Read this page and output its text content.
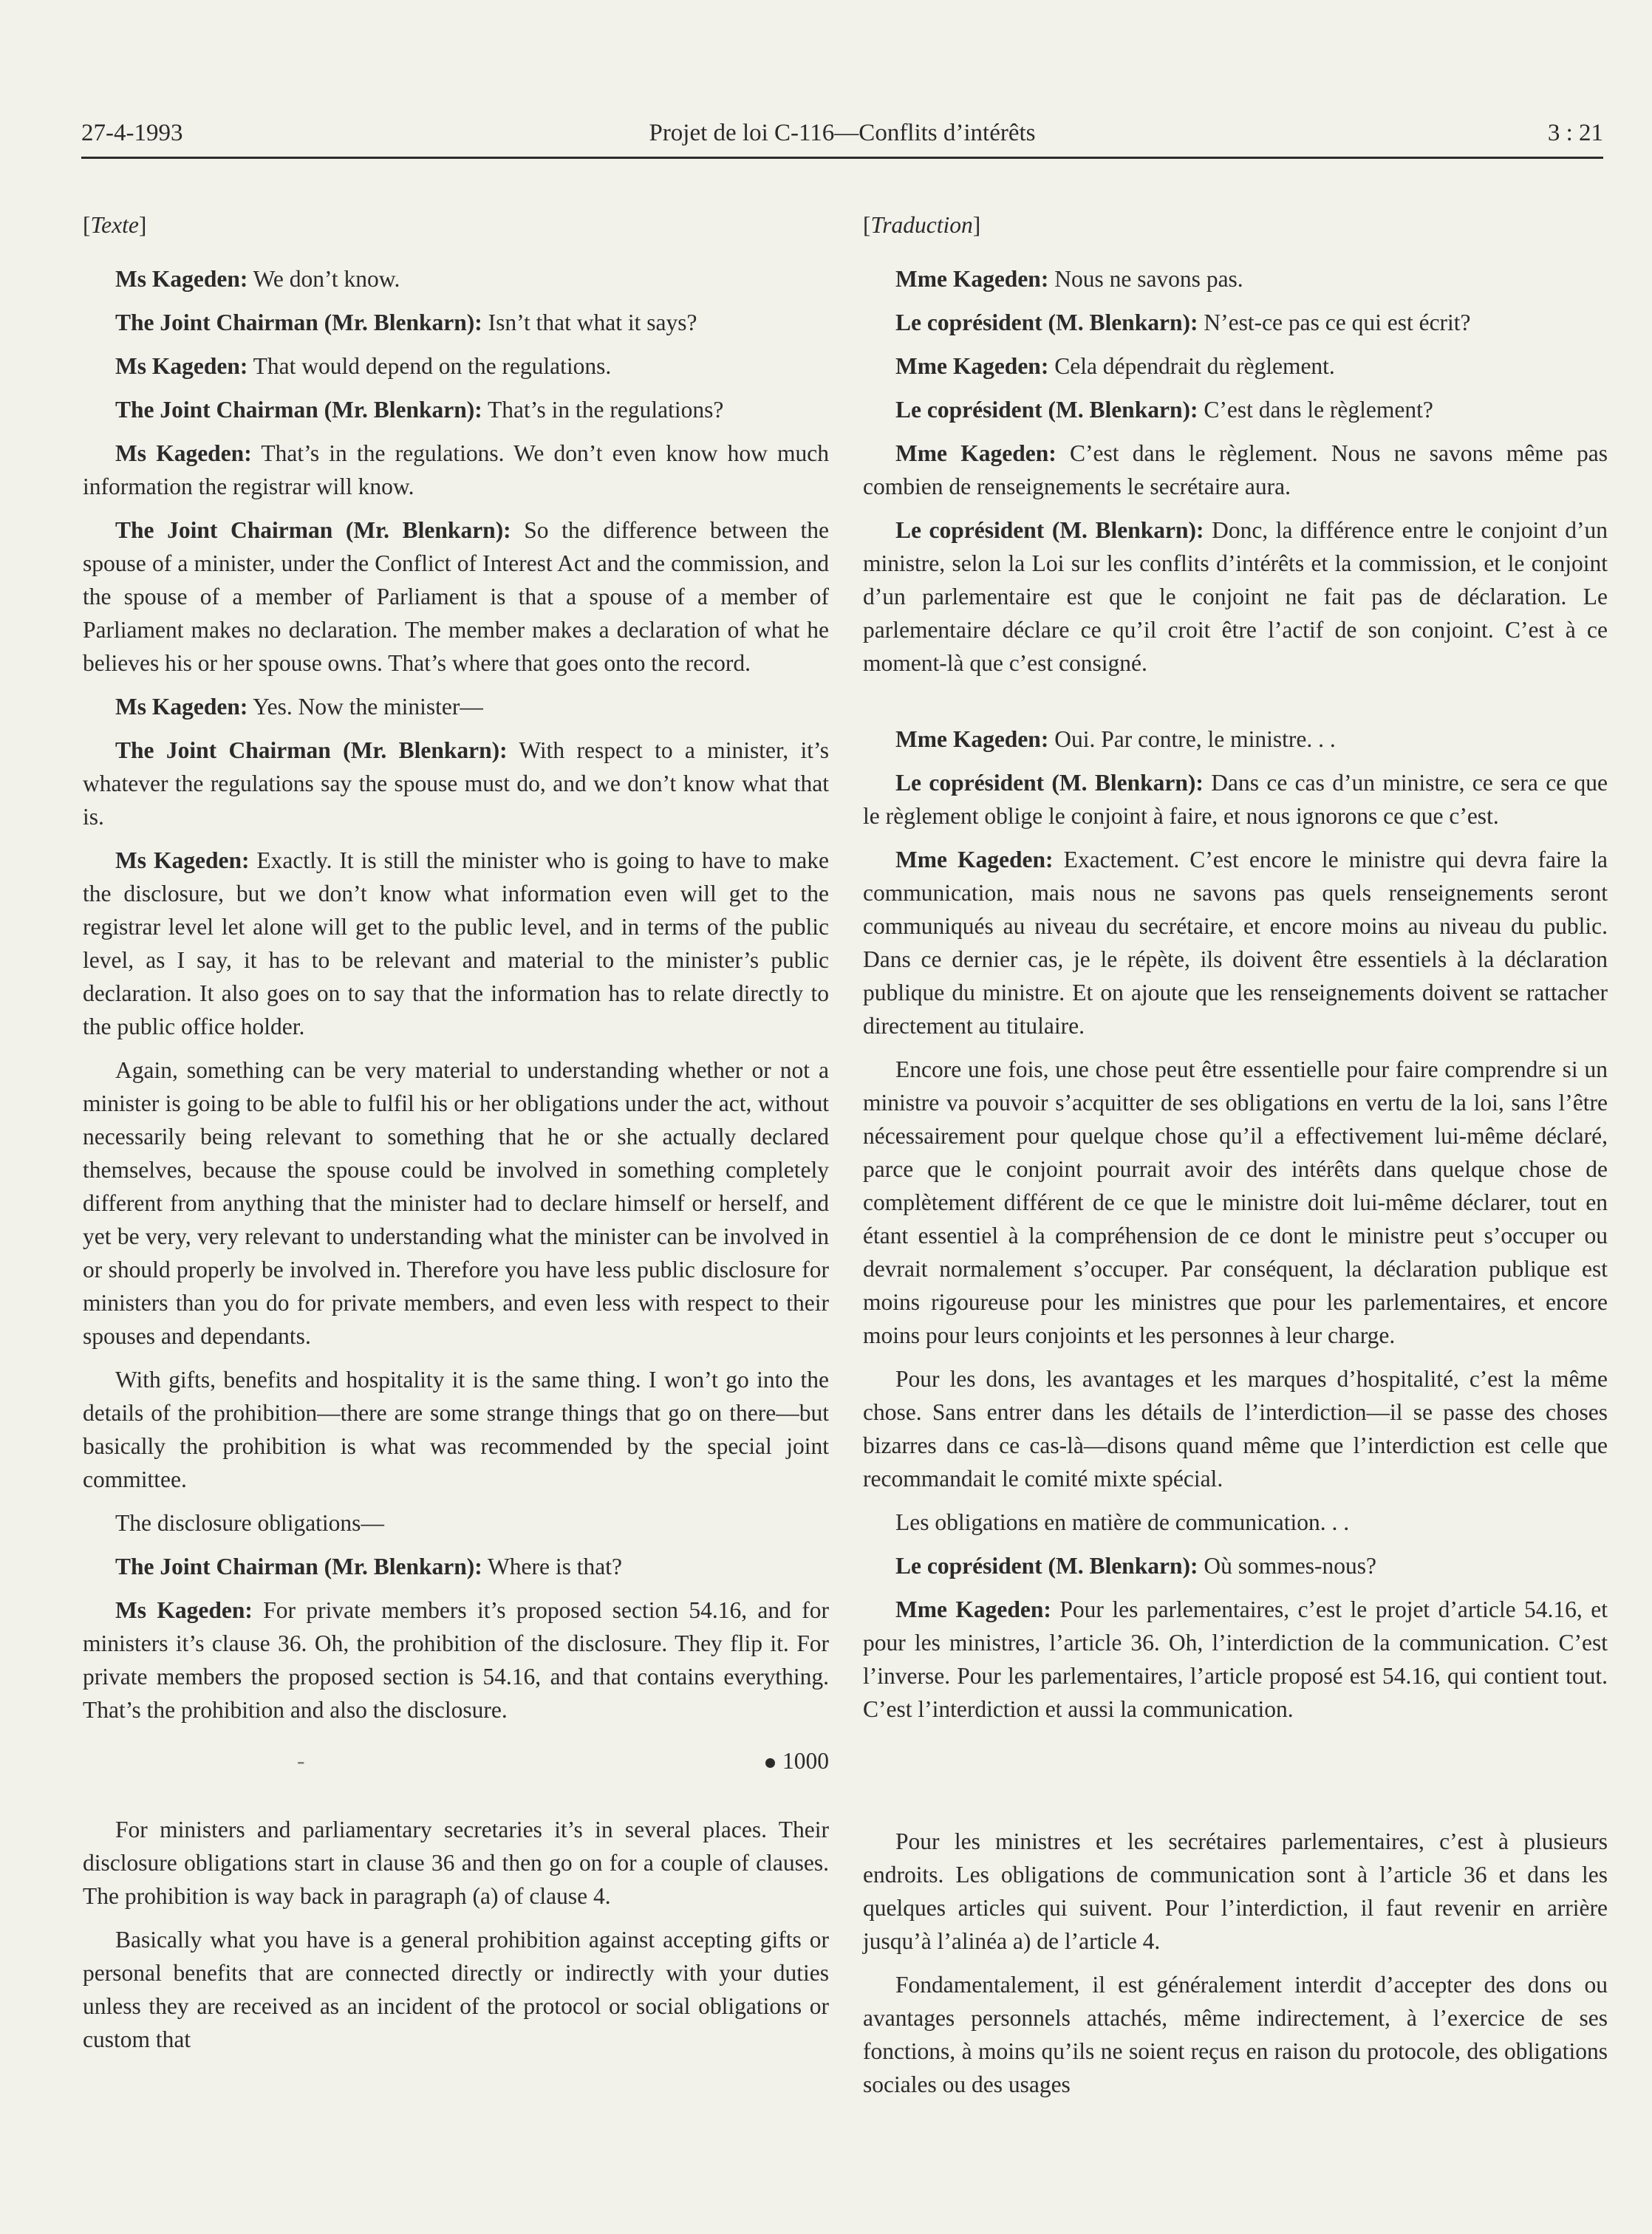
27-4-1993	Projet de loi C-116—Conflits d’intérêts	3 : 21
[Texte]

Ms Kageden: We don’t know.

The Joint Chairman (Mr. Blenkarn): Isn’t that what it says?

Ms Kageden: That would depend on the regulations.

The Joint Chairman (Mr. Blenkarn): That’s in the regulations?

Ms Kageden: That’s in the regulations. We don’t even know how much information the registrar will know.

The Joint Chairman (Mr. Blenkarn): So the difference between the spouse of a minister, under the Conflict of Interest Act and the commission, and the spouse of a member of Parliament is that a spouse of a member of Parliament makes no declaration. The member makes a declaration of what he believes his or her spouse owns. That’s where that goes onto the record.

Ms Kageden: Yes. Now the minister—

The Joint Chairman (Mr. Blenkarn): With respect to a minister, it’s whatever the regulations say the spouse must do, and we don’t know what that is.

Ms Kageden: Exactly. It is still the minister who is going to have to make the disclosure, but we don’t know what information even will get to the registrar level let alone will get to the public level, and in terms of the public level, as I say, it has to be relevant and material to the minister’s public declaration. It also goes on to say that the information has to relate directly to the public office holder.

Again, something can be very material to understanding whether or not a minister is going to be able to fulfil his or her obligations under the act, without necessarily being relevant to something that he or she actually declared themselves, because the spouse could be involved in something completely different from anything that the minister had to declare himself or herself, and yet be very, very relevant to understanding what the minister can be involved in or should properly be involved in. Therefore you have less public disclosure for ministers than you do for private members, and even less with respect to their spouses and dependants.

With gifts, benefits and hospitality it is the same thing. I won’t go into the details of the prohibition—there are some strange things that go on there—but basically the prohibition is what was recommended by the special joint committee.

The disclosure obligations—

The Joint Chairman (Mr. Blenkarn): Where is that?

Ms Kageden: For private members it’s proposed section 54.16, and for ministers it’s clause 36. Oh, the prohibition of the disclosure. They flip it. For private members the proposed section is 54.16, and that contains everything. That’s the prohibition and also the disclosure.

-	1000

For ministers and parliamentary secretaries it’s in several places. Their disclosure obligations start in clause 36 and then go on for a couple of clauses. The prohibition is way back in paragraph (a) of clause 4.

Basically what you have is a general prohibition against accepting gifts or personal benefits that are connected directly or indirectly with your duties unless they are received as an incident of the protocol or social obligations or custom that

[Traduction]

Mme Kageden: Nous ne savons pas.

Le coprésident (M. Blenkarn): N’est-ce pas ce qui est écrit?

Mme Kageden: Cela dépendrait du règlement.

Le coprésident (M. Blenkarn): C’est dans le règlement?

Mme Kageden: C’est dans le règlement. Nous ne savons même pas combien de renseignements le secrétaire aura.

Le coprésident (M. Blenkarn): Donc, la différence entre le conjoint d’un ministre, selon la Loi sur les conflits d’intérêts et la commission, et le conjoint d’un parlementaire est que le conjoint ne fait pas de déclaration. Le parlementaire déclare ce qu’il croit être l’actif de son conjoint. C’est à ce moment-là que c’est consigné.

Mme Kageden: Oui. Par contre, le ministre. . .

Le coprésident (M. Blenkarn): Dans ce cas d’un ministre, ce sera ce que le règlement oblige le conjoint à faire, et nous ignorons ce que c’est.

Mme Kageden: Exactement. C’est encore le ministre qui devra faire la communication, mais nous ne savons pas quels renseignements seront communiqués au niveau du secrétaire, et encore moins au niveau du public. Dans ce dernier cas, je le répète, ils doivent être essentiels à la déclaration publique du ministre. Et on ajoute que les renseignements doivent se rattacher directement au titulaire.

Encore une fois, une chose peut être essentielle pour faire comprendre si un ministre va pouvoir s’acquitter de ses obligations en vertu de la loi, sans l’être nécessairement pour quelque chose qu’il a effectivement lui-même déclaré, parce que le conjoint pourrait avoir des intérêts dans quelque chose de complètement différent de ce que le ministre doit lui-même déclarer, tout en étant essentiel à la compréhension de ce dont le ministre peut s’occuper ou devrait normalement s’occuper. Par conséquent, la déclaration publique est moins rigoureuse pour les ministres que pour les parlementaires, et encore moins pour leurs conjoints et les personnes à leur charge.

Pour les dons, les avantages et les marques d’hospitalité, c’est la même chose. Sans entrer dans les détails de l’interdiction—il se passe des choses bizarres dans ce cas-là—disons quand même que l’interdiction est celle que recommandait le comité mixte spécial.

Les obligations en matière de communication. . .

Le coprésident (M. Blenkarn): Où sommes-nous?

Mme Kageden: Pour les parlementaires, c’est le projet d’article 54.16, et pour les ministres, l’article 36. Oh, l’interdiction de la communication. C’est l’inverse. Pour les parlementaires, l’article proposé est 54.16, qui contient tout. C’est l’interdiction et aussi la communication.

Pour les ministres et les secrétaires parlementaires, c’est à plusieurs endroits. Les obligations de communication sont à l’article 36 et dans les quelques articles qui suivent. Pour l’interdiction, il faut revenir en arrière jusqu’à l’alinéa a) de l’article 4.

Fondamentalement, il est généralement interdit d’accepter des dons ou avantages personnels attachés, même indirectement, à l’exercice de ses fonctions, à moins qu’ils ne soient reçus en raison du protocole, des obligations sociales ou des usages
